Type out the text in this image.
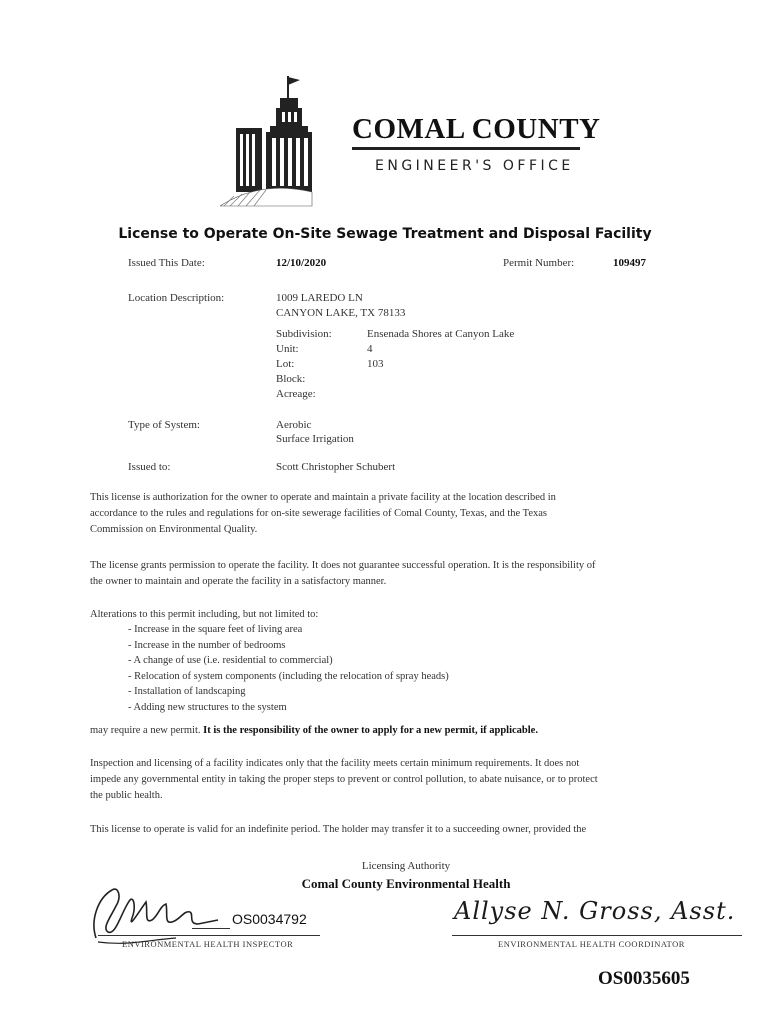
COMAL COUNTY
ENGINEER'S OFFICE
License to Operate On-Site Sewage Treatment and Disposal Facility
Issued This Date:	12/10/2020	Permit Number:	109497
Location Description:	1009 LAREDO LN
CANYON LAKE, TX 78133
Subdivision:	Ensenada Shores at Canyon Lake
Unit:	4
Lot:	103
Block:
Acreage:
Type of System:	Aerobic
Surface Irrigation
Issued to:	Scott Christopher Schubert
This license is authorization for the owner to operate and maintain a private facility at the location described in
accordance to the rules and regulations for on-site sewerage facilities of Comal County, Texas, and the Texas
Commission on Environmental Quality.
The license grants permission to operate the facility. It does not guarantee successful operation. It is the responsibility of
the owner to maintain and operate the facility in a satisfactory manner.
Alterations to this permit including, but not limited to:
- Increase in the square feet of living area
- Increase in the number of bedrooms
- A change of use (i.e. residential to commercial)
- Relocation of system components (including the relocation of spray heads)
- Installation of landscaping
- Adding new structures to the system
may require a new permit. It is the responsibility of the owner to apply for a new permit, if applicable.
Inspection and licensing of a facility indicates only that the facility meets certain minimum requirements. It does not
impede any governmental entity in taking the proper steps to prevent or control pollution, to abate nuisance, or to protect
the public health.
This license to operate is valid for an indefinite period. The holder may transfer it to a succeeding owner, provided the
Licensing Authority
Comal County Environmental Health
OS0034792
ENVIRONMENTAL HEALTH INSPECTOR
Allyse N. Gross, Asst.
ENVIRONMENTAL HEALTH COORDINATOR
OS0035605
